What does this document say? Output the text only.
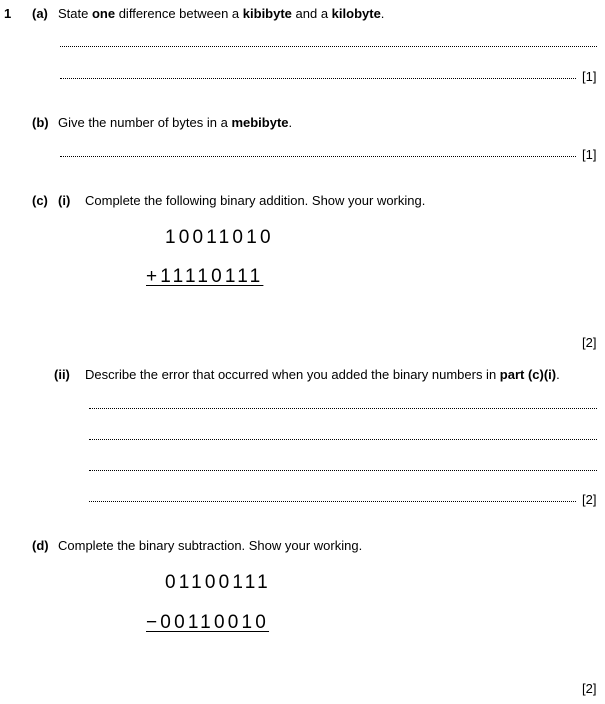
1 (a) State one difference between a kibibyte and a kilobyte.
[1]
(b) Give the number of bytes in a mebibyte.
[1]
(c) (i) Complete the following binary addition. Show your working.
10011010
+11110111
[2]
(ii) Describe the error that occurred when you added the binary numbers in part (c)(i).
[2]
(d) Complete the binary subtraction. Show your working.
01100111
−00110010
[2]
